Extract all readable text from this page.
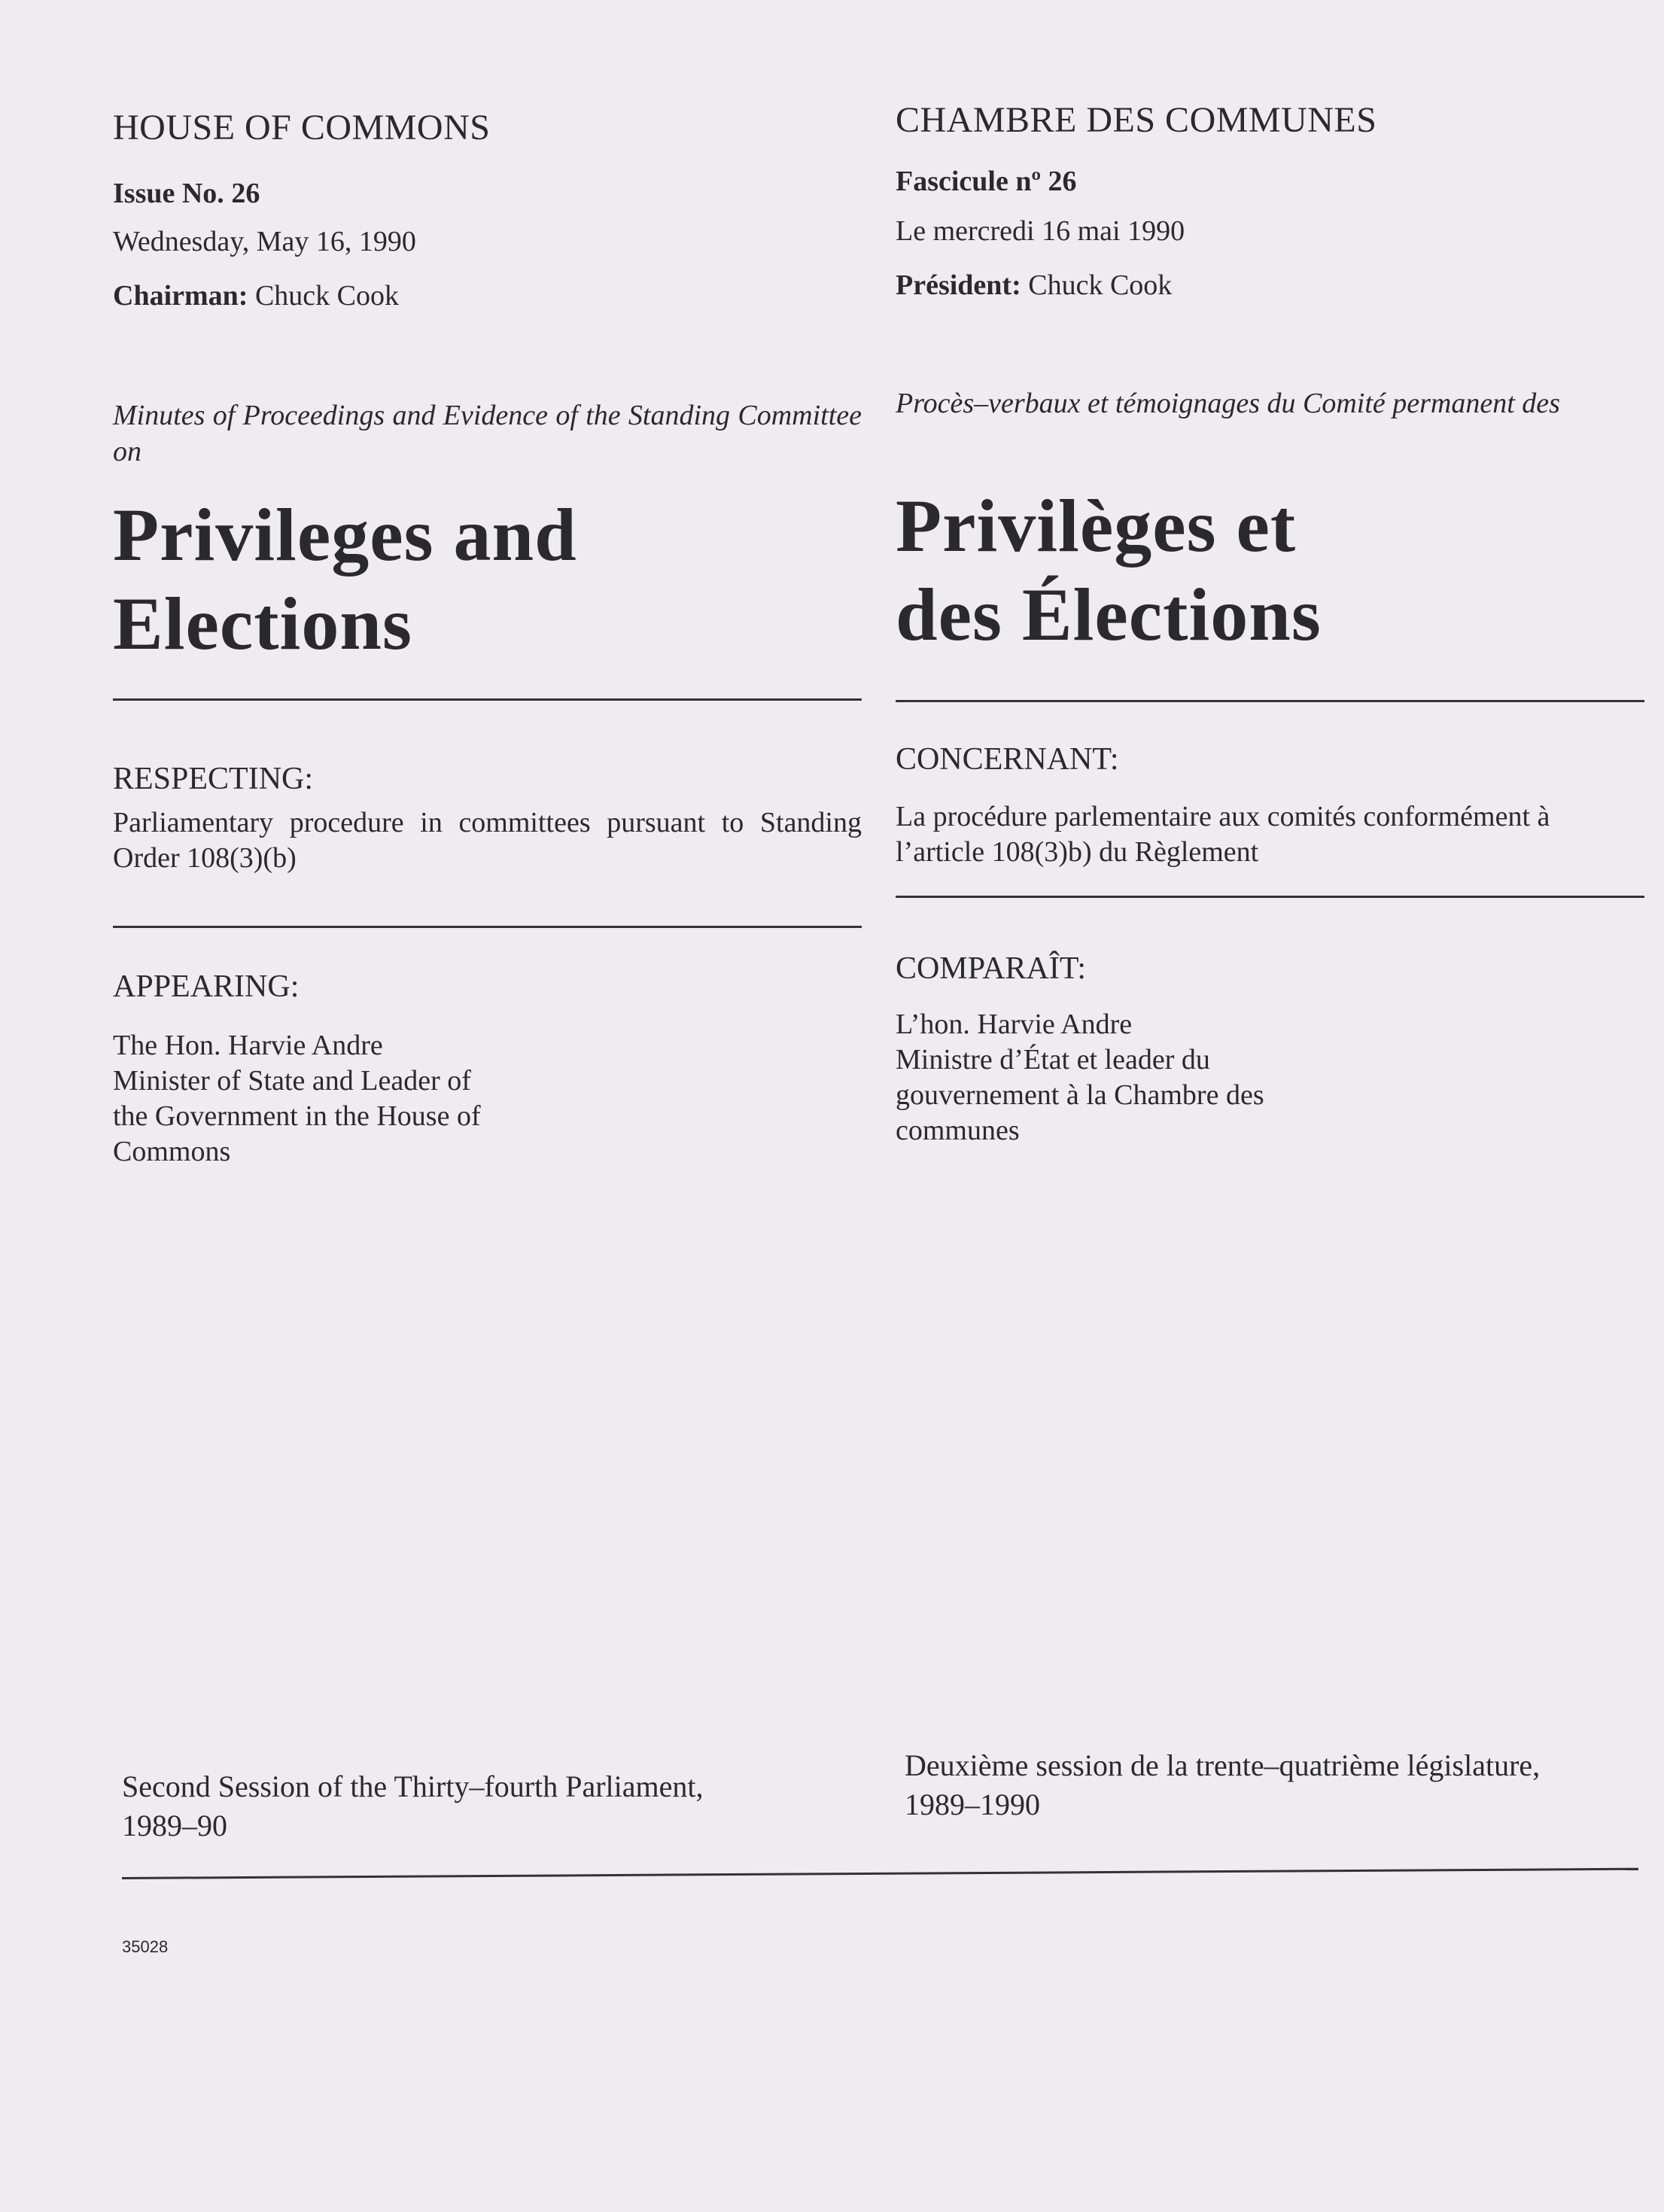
HOUSE OF COMMONS
Issue No. 26
Wednesday, May 16, 1990
Chairman: Chuck Cook
Minutes of Proceedings and Evidence of the Standing Committee on
Privileges and
Elections
RESPECTING:
Parliamentary procedure in committees pursuant to Standing Order 108(3)(b)
APPEARING:
The Hon. Harvie Andre
Minister of State and Leader of
the Government in the House of
Commons
CHAMBRE DES COMMUNES
Fascicule nº 26
Le mercredi 16 mai 1990
Président: Chuck Cook
Procès–verbaux et témoignages du Comité permanent des
Privilèges et
des Élections
CONCERNANT:
La procédure parlementaire aux comités conformément à l’article 108(3)b) du Règlement
COMPARAÎT:
L’hon. Harvie Andre
Ministre d’État et leader du
gouvernement à la Chambre des
communes
Second Session of the Thirty–fourth Parliament,
1989–90
Deuxième session de la trente–quatrième législature,
1989–1990
35028
